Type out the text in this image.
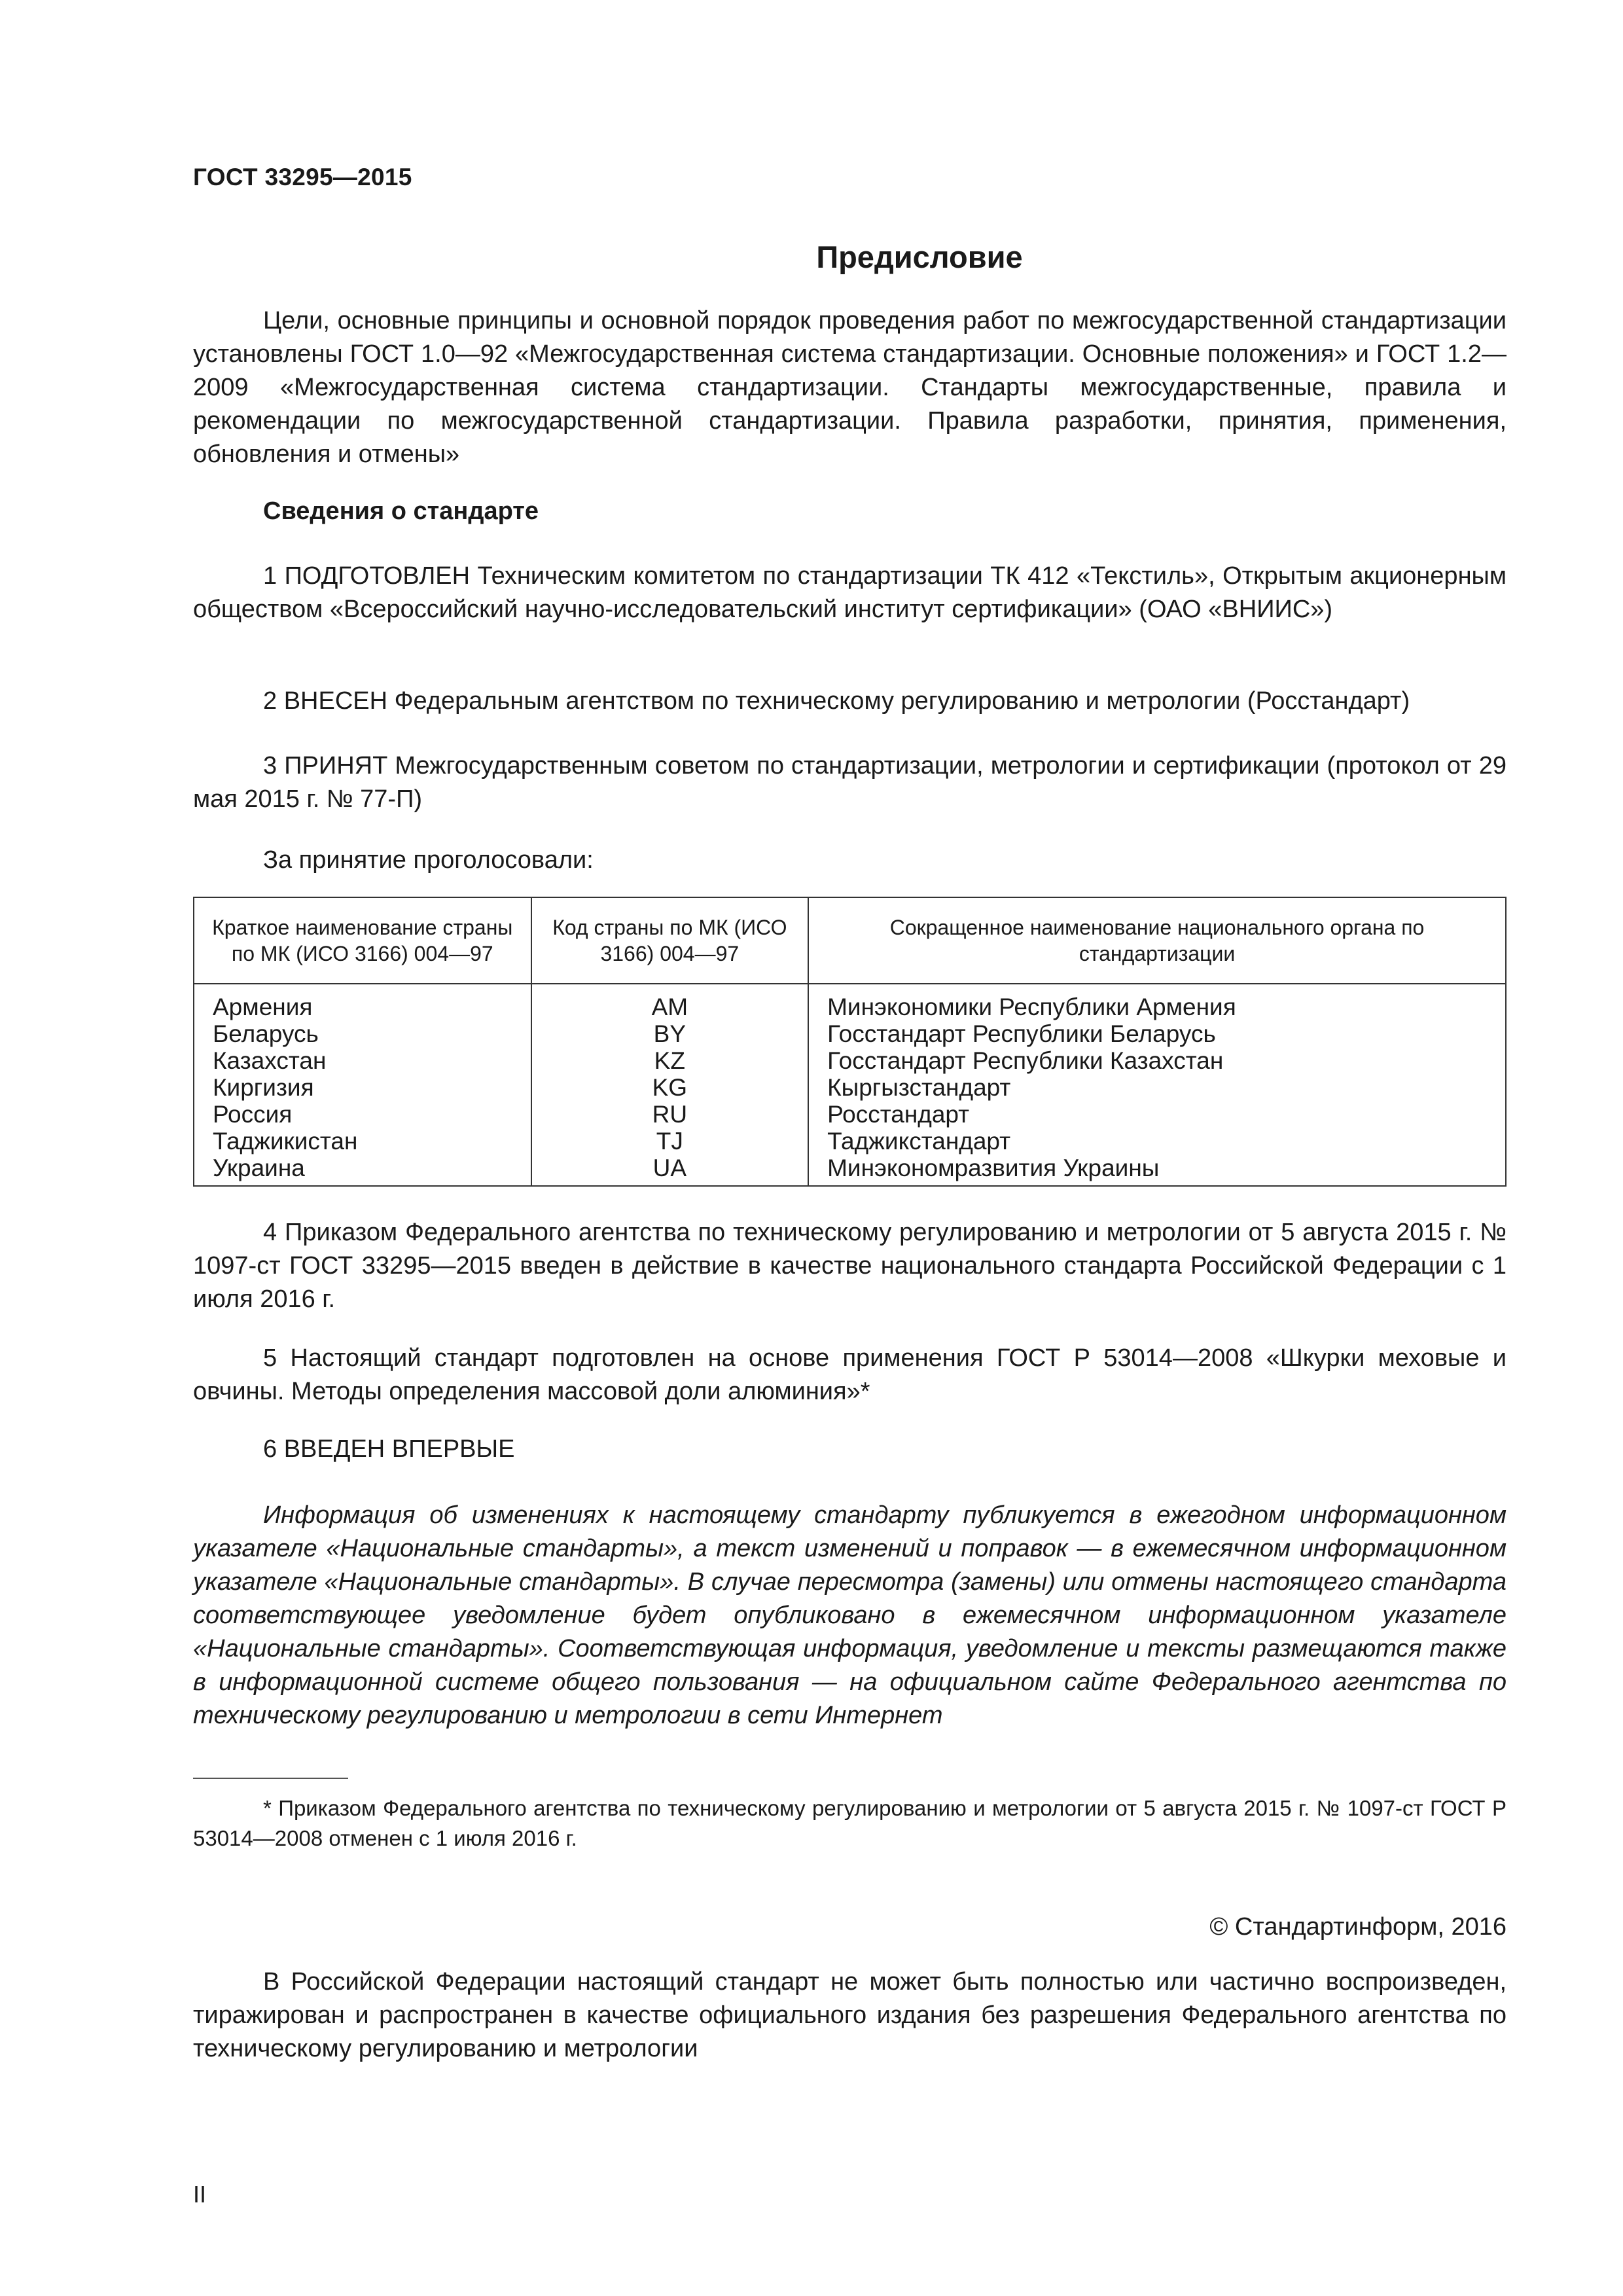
ГОСТ 33295—2015
Предисловие
Цели, основные принципы и основной порядок проведения работ по межгосударственной стандартизации установлены ГОСТ 1.0—92 «Межгосударственная система стандартизации. Основные положения» и ГОСТ 1.2—2009 «Межгосударственная система стандартизации. Стандарты межгосударственные, правила и рекомендации по межгосударственной стандартизации. Правила разработки, принятия, применения, обновления и отмены»
Сведения о стандарте
1 ПОДГОТОВЛЕН Техническим комитетом по стандартизации ТК 412 «Текстиль», Открытым акционерным обществом «Всероссийский научно-исследовательский институт сертификации» (ОАО «ВНИИС»)
2 ВНЕСЕН Федеральным агентством по техническому регулированию и метрологии (Росстандарт)
3 ПРИНЯТ Межгосударственным советом по стандартизации, метрологии и сертификации (протокол от 29 мая 2015 г. № 77-П)
За принятие проголосовали:
Краткое наименование страны по МК (ИСО 3166) 004—97	Код страны по МК (ИСО 3166) 004—97	Сокращенное наименование национального органа по стандартизации
Армения	AM	Минэкономики Республики Армения
Беларусь	BY	Госстандарт Республики Беларусь
Казахстан	KZ	Госстандарт Республики Казахстан
Киргизия	KG	Кыргызстандарт
Россия	RU	Росстандарт
Таджикистан	TJ	Таджикстандарт
Украина	UA	Минэкономразвития Украины
4 Приказом Федерального агентства по техническому регулированию и метрологии от 5 августа 2015 г. № 1097-ст ГОСТ 33295—2015 введен в действие в качестве национального стандарта Российской Федерации с 1 июля 2016 г.
5 Настоящий стандарт подготовлен на основе применения ГОСТ Р 53014—2008 «Шкурки меховые и овчины. Методы определения массовой доли алюминия»*
6 ВВЕДЕН ВПЕРВЫЕ
Информация об изменениях к настоящему стандарту публикуется в ежегодном информационном указателе «Национальные стандарты», а текст изменений и поправок — в ежемесячном информационном указателе «Национальные стандарты». В случае пересмотра (замены) или отмены настоящего стандарта соответствующее уведомление будет опубликовано в ежемесячном информационном указателе «Национальные стандарты». Соответствующая информация, уведомление и тексты размещаются также в информационной системе общего пользования — на официальном сайте Федерального агентства по техническому регулированию и метрологии в сети Интернет
* Приказом Федерального агентства по техническому регулированию и метрологии от 5 августа 2015 г. № 1097-ст ГОСТ Р 53014—2008 отменен с 1 июля 2016 г.
© Стандартинформ, 2016
В Российской Федерации настоящий стандарт не может быть полностью или частично воспроизведен, тиражирован и распространен в качестве официального издания без разрешения Федерального агентства по техническому регулированию и метрологии
II
